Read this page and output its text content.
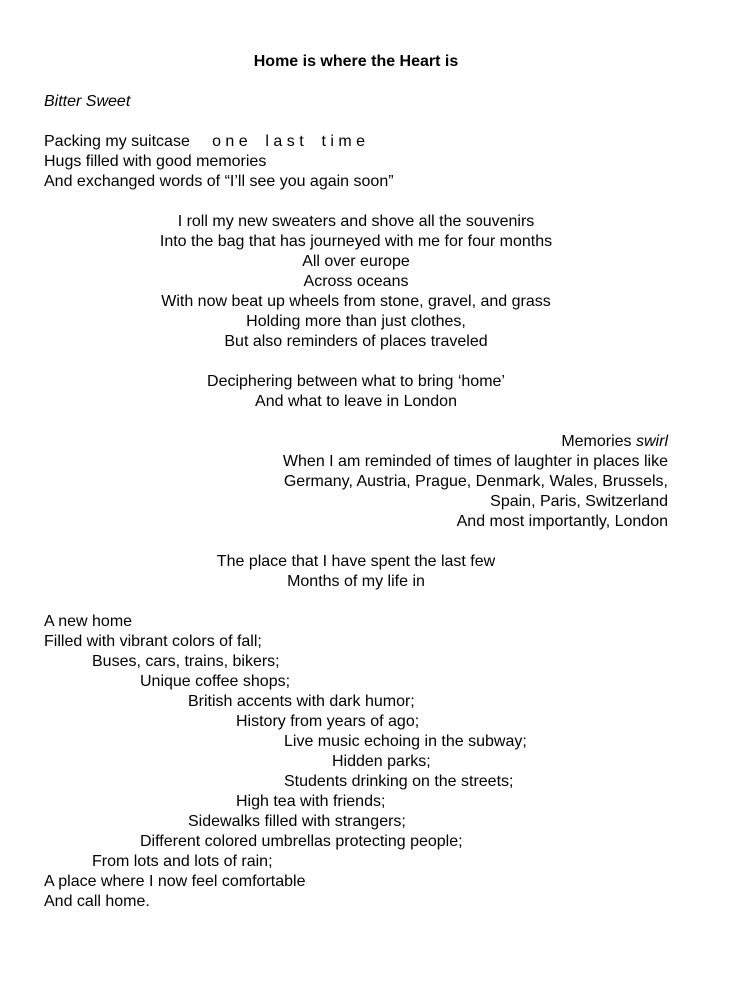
Home is where the Heart is
Bitter Sweet
Packing my suitcase     o n e    l a s t    t i m e
Hugs filled with good memories
And exchanged words of “I’ll see you again soon”
I roll my new sweaters and shove all the souvenirs
Into the bag that has journeyed with me for four months
All over europe
Across oceans
With now beat up wheels from stone, gravel, and grass
Holding more than just clothes,
But also reminders of places traveled
Deciphering between what to bring ‘home’
And what to leave in London
Memories swirl
When I am reminded of times of laughter in places like
Germany, Austria, Prague, Denmark, Wales, Brussels,
Spain, Paris, Switzerland
And most importantly, London
The place that I have spent the last few
Months of my life in
A new home
Filled with vibrant colors of fall;
Buses, cars, trains, bikers;
Unique coffee shops;
British accents with dark humor;
History from years of ago;
Live music echoing in the subway;
Hidden parks;
Students drinking on the streets;
High tea with friends;
Sidewalks filled with strangers;
Different colored umbrellas protecting people;
From lots and lots of rain;
A place where I now feel comfortable
And call home.
